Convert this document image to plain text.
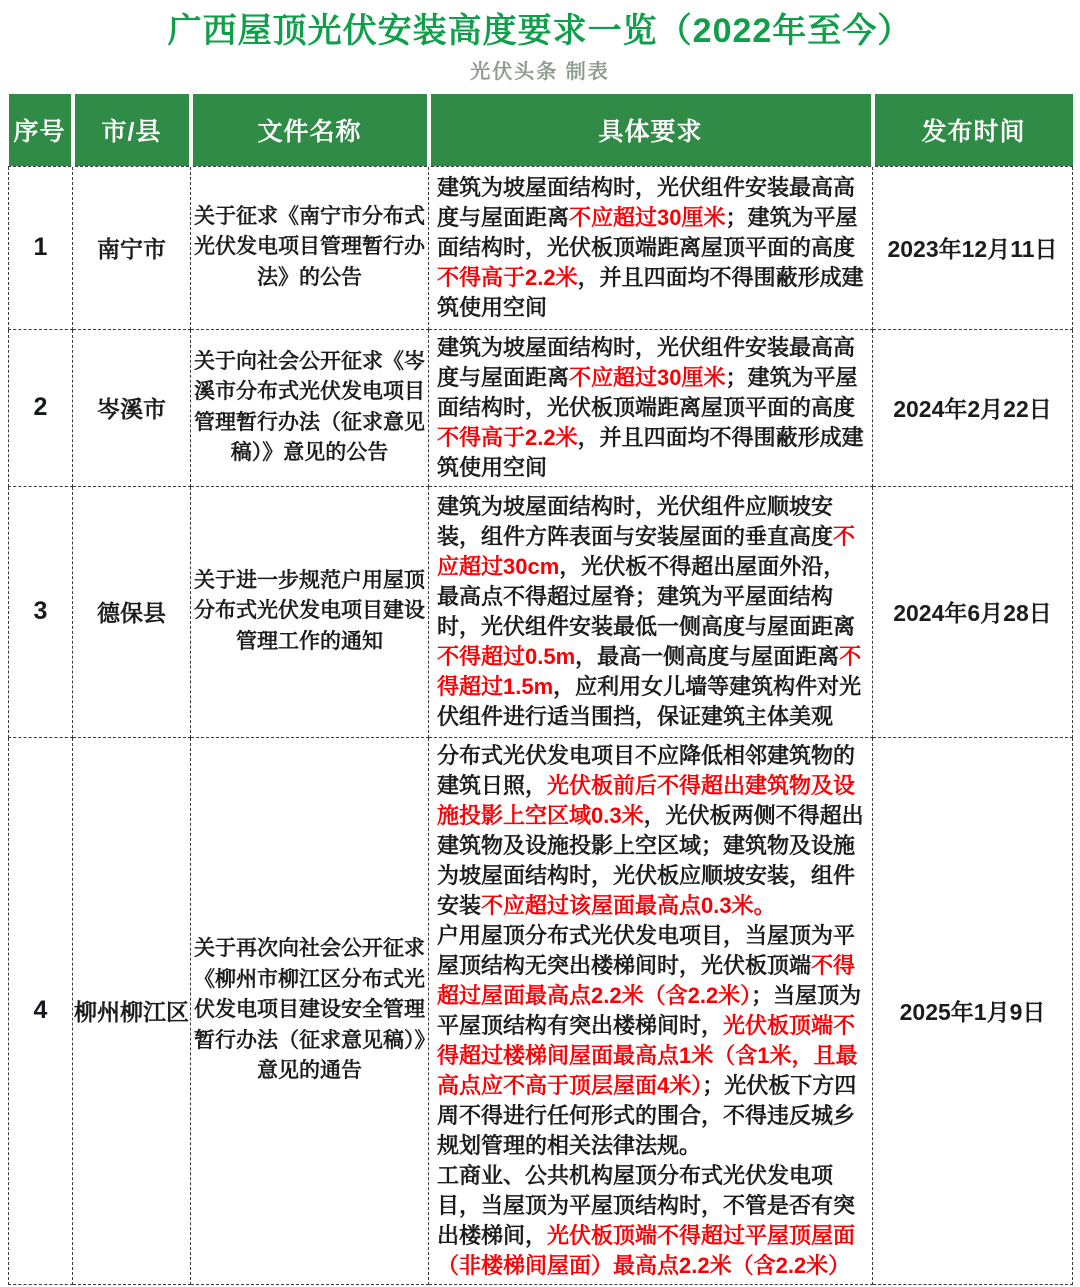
广西屋顶光伏安装高度要求一览（2022年至今）
光伏头条 制表
序号	市/县	文件名称	具体要求	发布时间
1	南宁市	关于征求《南宁市分布式光伏发电项目管理暂行办法》的公告	建筑为坡屋面结构时，光伏组件安装最高高度与屋面距离不应超过30厘米；建筑为平屋面结构时，光伏板顶端距离屋顶平面的高度不得高于2.2米，并且四面均不得围蔽形成建筑使用空间	2023年12月11日
2	岑溪市	关于向社会公开征求《岑溪市分布式光伏发电项目管理暂行办法（征求意见稿）》意见的公告	建筑为坡屋面结构时，光伏组件安装最高高度与屋面距离不应超过30厘米；建筑为平屋面结构时，光伏板顶端距离屋顶平面的高度不得高于2.2米，并且四面均不得围蔽形成建筑使用空间	2024年2月22日
3	德保县	关于进一步规范户用屋顶分布式光伏发电项目建设管理工作的通知	建筑为坡屋面结构时，光伏组件应顺坡安装，组件方阵表面与安装屋面的垂直高度不应超过30cm，光伏板不得超出屋面外沿，最高点不得超过屋脊；建筑为平屋面结构时，光伏组件安装最低一侧高度与屋面距离不得超过0.5m，最高一侧高度与屋面距离不得超过1.5m，应利用女儿墙等建筑构件对光伏组件进行适当围挡，保证建筑主体美观	2024年6月28日
4	柳州柳江区	关于再次向社会公开征求《柳州市柳江区分布式光伏发电项目建设安全管理暂行办法（征求意见稿）》意见的通告	分布式光伏发电项目不应降低相邻建筑物的建筑日照，光伏板前后不得超出建筑物及设施投影上空区域0.3米，光伏板两侧不得超出建筑物及设施投影上空区域；建筑物及设施为坡屋面结构时，光伏板应顺坡安装，组件安装不应超过该屋面最高点0.3米。
户用屋顶分布式光伏发电项目，当屋顶为平屋顶结构无突出楼梯间时，光伏板顶端不得超过屋面最高点2.2米（含2.2米）；当屋顶为平屋顶结构有突出楼梯间时，光伏板顶端不得超过楼梯间屋面最高点1米（含1米，且最高点应不高于顶层屋面4米）；光伏板下方四周不得进行任何形式的围合，不得违反城乡规划管理的相关法律法规。
工商业、公共机构屋顶分布式光伏发电项目，当屋顶为平屋顶结构时，不管是否有突出楼梯间，光伏板顶端不得超过平屋顶屋面（非楼梯间屋面）最高点2.2米（含2.2米）	2025年1月9日
